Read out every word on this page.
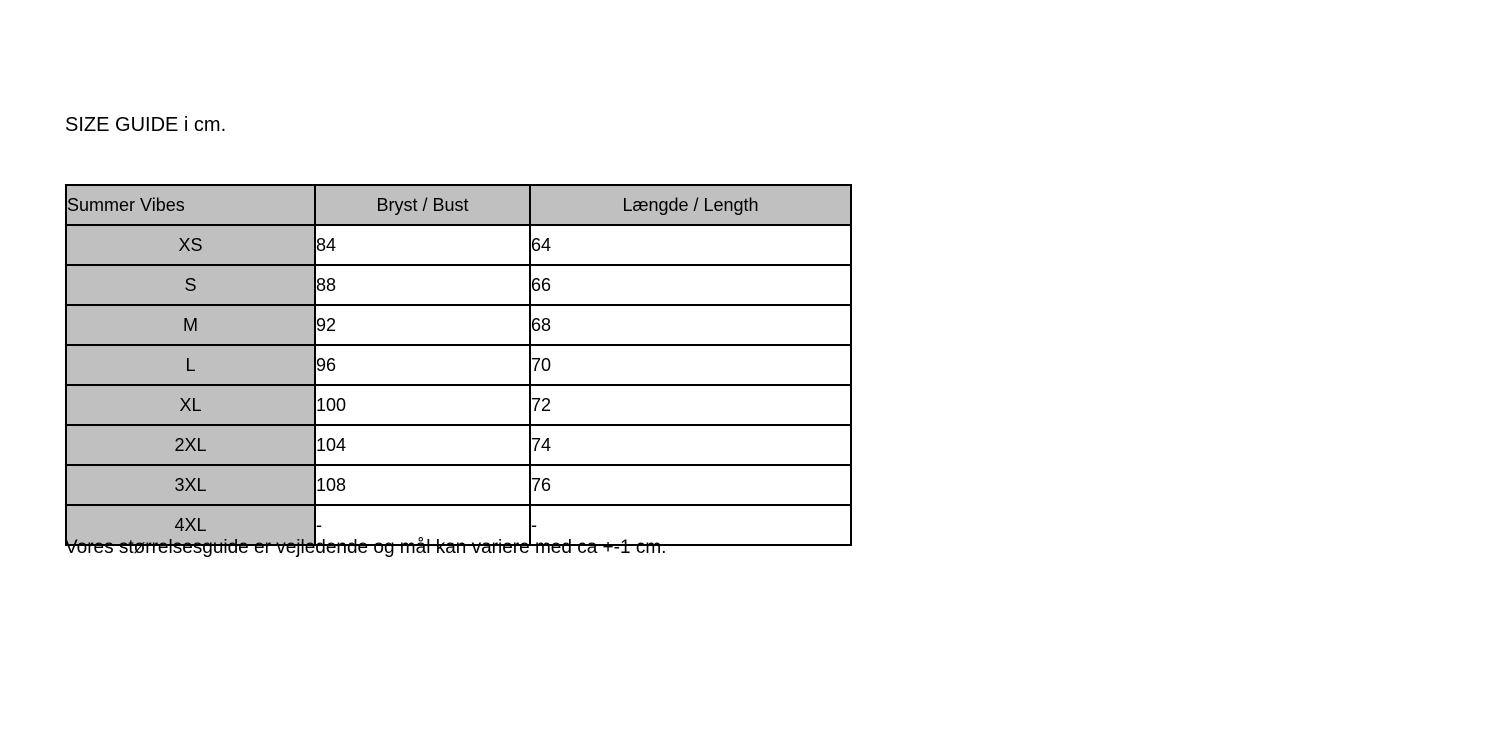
SIZE GUIDE i cm.
Summer Vibes	Bryst / Bust	Længde / Length
XS	84	64
S	88	66
M	92	68
L	96	70
XL	100	72
2XL	104	74
3XL	108	76
4XL	-	-
Vores størrelsesguide er vejledende og mål kan variere med ca +-1 cm.
